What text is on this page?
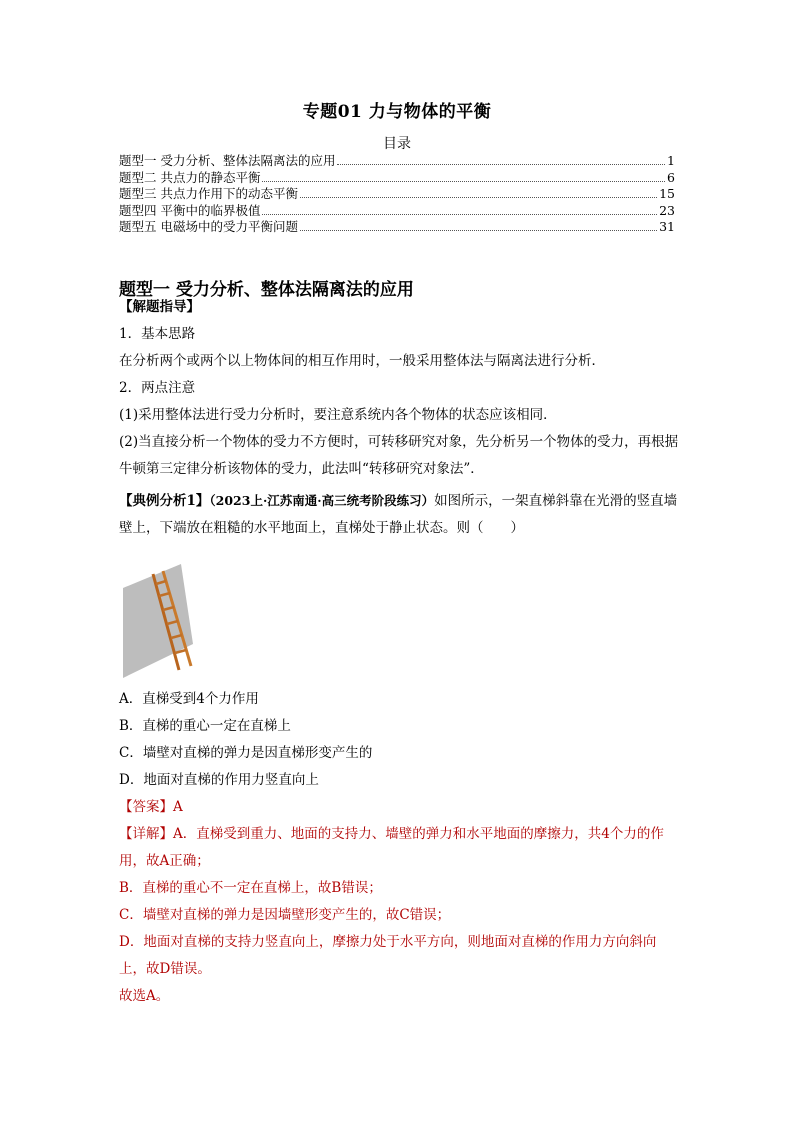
专题01 力与物体的平衡
目录
题型一 受力分析、整体法隔离法的应用	1
题型二 共点力的静态平衡	6
题型三 共点力作用下的动态平衡	15
题型四 平衡中的临界极值	23
题型五 电磁场中的受力平衡问题	31
题型一 受力分析、整体法隔离法的应用
【解题指导】
1．基本思路
在分析两个或两个以上物体间的相互作用时，一般采用整体法与隔离法进行分析．
2．两点注意
(1)采用整体法进行受力分析时，要注意系统内各个物体的状态应该相同．
(2)当直接分析一个物体的受力不方便时，可转移研究对象，先分析另一个物体的受力，再根据牛顿第三定律分析该物体的受力，此法叫“转移研究对象法”．
【典例分析1】（2023上·江苏南通·高三统考阶段练习）如图所示，一架直梯斜靠在光滑的竖直墙壁上，下端放在粗糙的水平地面上，直梯处于静止状态。则（　　）
A．直梯受到4个力作用
B．直梯的重心一定在直梯上
C．墙壁对直梯的弹力是因直梯形变产生的
D．地面对直梯的作用力竖直向上
【答案】A
【详解】A．直梯受到重力、地面的支持力、墙壁的弹力和水平地面的摩擦力，共4个力的作用，故A正确；
B．直梯的重心不一定在直梯上，故B错误；
C．墙壁对直梯的弹力是因墙壁形变产生的，故C错误；
D．地面对直梯的支持力竖直向上，摩擦力处于水平方向，则地面对直梯的作用力方向斜向上，故D错误。
故选A。
